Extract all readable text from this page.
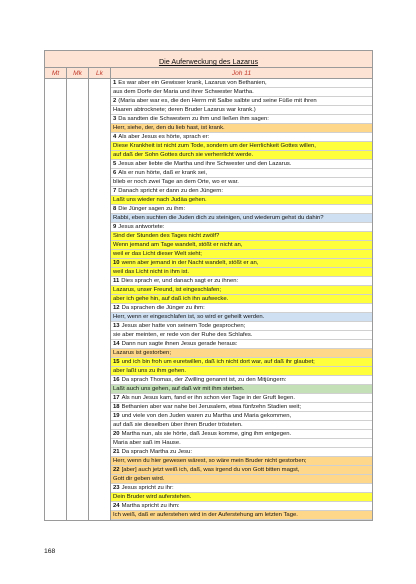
Die Auferweckung des Lazarus
Mt	Mk	Lk	Joh 11
1 Es war aber ein Gewisser krank, Lazarus von Bethanien,
aus dem Dorfe der Maria und ihrer Schwester Martha.
2 (Maria aber war es, die den Herrn mit Salbe salbte und seine Füße mit ihren
Haaren abtrocknete; deren Bruder Lazarus war krank.)
3 Da sandten die Schwestern zu ihm und ließen ihm sagen:
Herr, siehe, der, den du lieb hast, ist krank.
4 Als aber Jesus es hörte, sprach er:
Diese Krankheit ist nicht zum Tode, sondern um der Herrlichkeit Gottes willen,
auf daß der Sohn Gottes durch sie verherrlicht werde.
5 Jesus aber liebte die Martha und ihre Schwester und den Lazarus.
6 Als er nun hörte, daß er krank sei,
blieb er noch zwei Tage an dem Orte, wo er war.
7 Danach spricht er dann zu den Jüngern:
Laßt uns wieder nach Judäa gehen.
8 Die Jünger sagen zu ihm:
Rabbi, eben suchten die Juden dich zu steinigen, und wiederum gehst du dahin?
9 Jesus antwortete:
Sind der Stunden des Tages nicht zwölf?
Wenn jemand am Tage wandelt, stößt er nicht an,
weil er das Licht dieser Welt sieht;
10 wenn aber jemand in der Nacht wandelt, stößt er an,
weil das Licht nicht in ihm ist.
11 Dies sprach er, und danach sagt er zu ihnen:
Lazarus, unser Freund, ist eingeschlafen;
aber ich gehe hin, auf daß ich ihn aufwecke.
12 Da sprachen die Jünger zu ihm:
Herr, wenn er eingeschlafen ist, so wird er geheilt werden.
13 Jesus aber hatte von seinem Tode gesprochen;
sie aber meinten, er rede von der Ruhe des Schlafes.
14 Dann nun sagte ihnen Jesus gerade heraus:
Lazarus ist gestorben;
15 und ich bin froh um euretwillen, daß ich nicht dort war, auf daß ihr glaubet;
aber laßt uns zu ihm gehen.
16 Da sprach Thomas, der Zwilling genannt ist, zu den Mitjüngern:
Laßt auch uns gehen, auf daß wir mit ihm sterben.
17 Als nun Jesus kam, fand er ihn schon vier Tage in der Gruft liegen.
18 Bethanien aber war nahe bei Jerusalem, etwa fünfzehn Stadien weit;
19 und viele von den Juden waren zu Martha und Maria gekommen,
auf daß sie dieselben über ihren Bruder trösteten.
20 Martha nun, als sie hörte, daß Jesus komme, ging ihm entgegen.
Maria aber saß im Hause.
21 Da sprach Martha zu Jesu:
Herr, wenn du hier gewesen wärest, so wäre mein Bruder nicht gestorben;
22 [aber] auch jetzt weiß ich, daß, was irgend du von Gott bitten magst,
Gott dir geben wird.
23 Jesus spricht zu ihr:
Dein Bruder wird auferstehen.
24 Martha spricht zu ihm:
Ich weiß, daß er auferstehen wird in der Auferstehung am letzten Tage.
168
